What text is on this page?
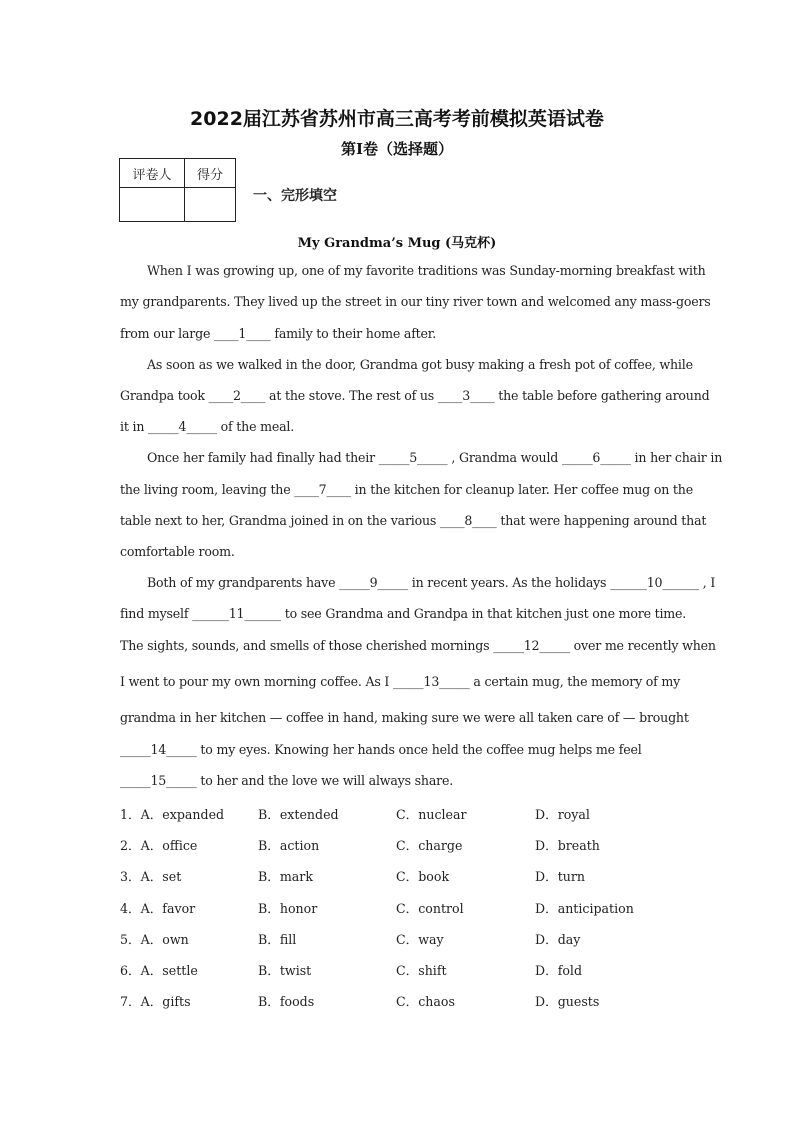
2022届江苏省苏州市高三高考考前模拟英语试卷
第I卷（选择题）
评卷人	得分

一、完形填空
My Grandma’s Mug (马克杯)
When I was growing up, one of my favorite traditions was Sunday-morning breakfast with
my grandparents. They lived up the street in our tiny river town and welcomed any mass-goers
from our large ____1____ family to their home after.
As soon as we walked in the door, Grandma got busy making a fresh pot of coffee, while
Grandpa took ____2____ at the stove. The rest of us ____3____ the table before gathering around
it in _____4_____ of the meal.
Once her family had finally had their _____5_____ , Grandma would _____6_____ in her chair in
the living room, leaving the ____7____ in the kitchen for cleanup later. Her coffee mug on the
table next to her, Grandma joined in on the various ____8____ that were happening around that
comfortable room.
Both of my grandparents have _____9_____ in recent years. As the holidays ______10______ , I
find myself ______11______ to see Grandma and Grandpa in that kitchen just one more time.
The sights, sounds, and smells of those cherished mornings _____12_____ over me recently when
I went to pour my own morning coffee. As I _____13_____ a certain mug, the memory of my
grandma in her kitchen — coffee in hand, making sure we were all taken care of — brought
_____14_____ to my eyes. Knowing her hands once held the coffee mug helps me feel
_____15_____ to her and the love we will always share.
1．A．expanded	B．extended	C．nuclear	D．royal
2．A．office	B．action	C．charge	D．breath
3．A．set	B．mark	C．book	D．turn
4．A．favor	B．honor	C．control	D．anticipation
5．A．own	B．fill	C．way	D．day
6．A．settle	B．twist	C．shift	D．fold
7．A．gifts	B．foods	C．chaos	D．guests
